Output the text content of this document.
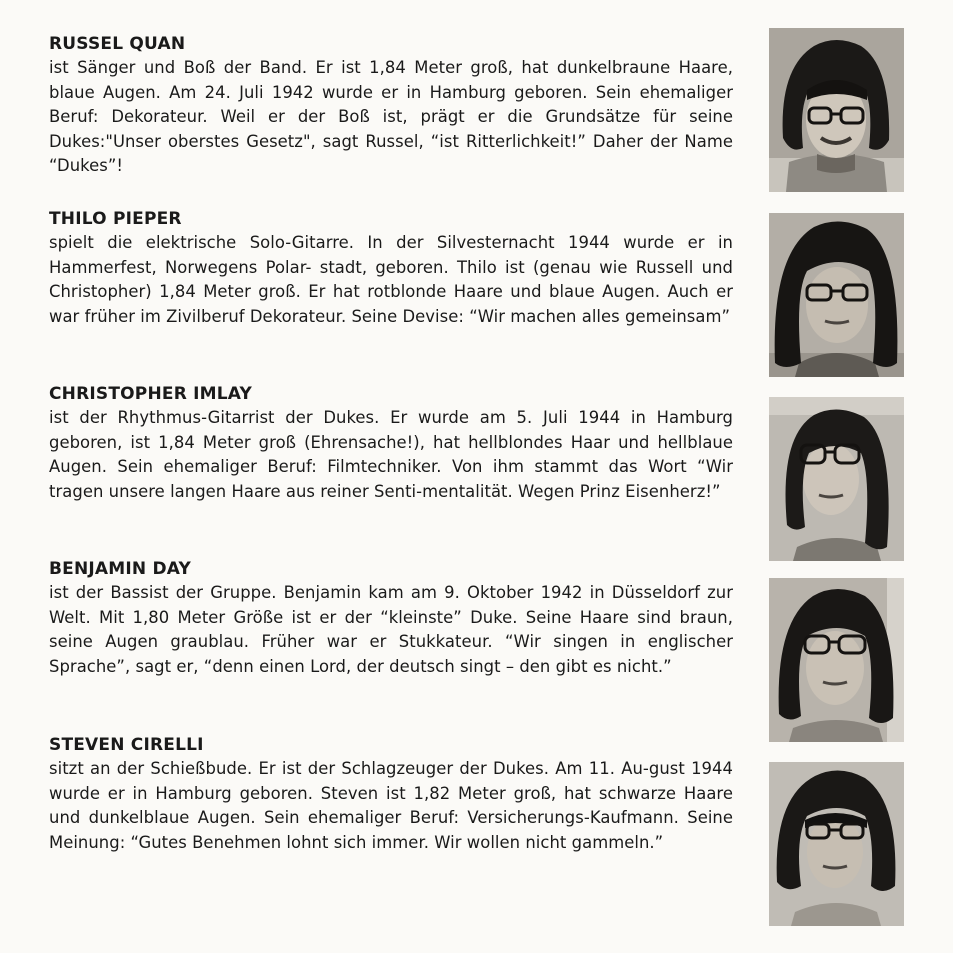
RUSSEL QUAN

ist Sänger und Boß der Band. Er ist 1,84 Meter groß, hat dunkelbraune Haare, blaue Augen. Am 24. Juli 1942 wurde er in Hamburg geboren. Sein ehemaliger Beruf: Dekorateur. Weil er der Boß ist, prägt er die Grundsätze für seine Dukes:"Unser oberstes Gesetz", sagt Russel, “ist Ritterlichkeit!” Daher der Name “Dukes”!

THILO PIEPER

spielt die elektrische Solo-Gitarre. In der Silvesternacht 1944 wurde er in Hammerfest, Norwegens Polar- stadt, geboren. Thilo ist (genau wie Russell und Christopher) 1,84 Meter groß. Er hat rotblonde Haare und blaue Augen. Auch er war früher im Zivilberuf Dekorateur. Seine Devise: “Wir machen alles gemeinsam”

CHRISTOPHER IMLAY

ist der Rhythmus-Gitarrist der Dukes. Er wurde am 5. Juli 1944 in Hamburg geboren, ist 1,84 Meter groß (Ehrensache!), hat hellblondes Haar und hellblaue Augen. Sein ehemaliger Beruf: Filmtechniker. Von ihm stammt das Wort “Wir tragen unsere langen Haare aus reiner Senti-mentalität. Wegen Prinz Eisenherz!”

BENJAMIN DAY

ist der Bassist der Gruppe. Benjamin kam am 9. Oktober 1942 in Düsseldorf zur Welt. Mit 1,80 Meter Größe ist er der “kleinste” Duke. Seine Haare sind braun, seine Augen graublau. Früher war er Stukkateur. “Wir singen in englischer Sprache”, sagt er, “denn einen Lord, der deutsch singt – den gibt es nicht.”

STEVEN CIRELLI

sitzt an der Schießbude. Er ist der Schlagzeuger der Dukes. Am 11. Au-gust 1944 wurde er in Hamburg geboren. Steven ist 1,82 Meter groß, hat schwarze Haare und dunkelblaue Augen. Sein ehemaliger Beruf: Versicherungs-Kaufmann. Seine Meinung: “Gutes Benehmen lohnt sich immer. Wir wollen nicht gammeln.”
